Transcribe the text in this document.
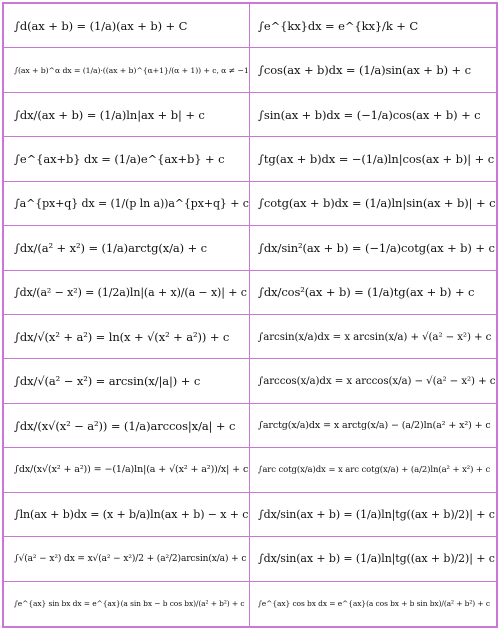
∫d(ax + b) = (1/a)(ax + b) + C	∫e^{kx}dx = e^{kx}/k + C
∫(ax + b)^α dx = (1/a)·((ax + b)^{α+1}/(α + 1)) + c, α ≠ −1 ∫cos(ax + b)dx = (1/a)sin(ax + b) + c
∫dx/(ax + b) = (1/a)ln|ax + b| + c	∫sin(ax + b)dx = (−1/a)cos(ax + b) + c
∫e^{ax+b} dx = (1/a)e^{ax+b} + c	∫tg(ax + b)dx = −(1/a)ln|cos(ax + b)| + c
∫a^{px+q} dx = (1/(p ln a))a^{px+q} + c ∫cotg(ax + b)dx = (1/a)ln|sin(ax + b)| + c
∫dx/(a² + x²) = (1/a)arctg(x/a) + c	∫dx/sin²(ax + b) = (−1/a)cotg(ax + b) + c
∫dx/(a² − x²) = (1/2a)ln|(a + x)/(a − x)| + c ∫dx/cos²(ax + b) = (1/a)tg(ax + b) + c
∫dx/√(x² + a²) = ln(x + √(x² + a²)) + c	∫arcsin(x/a)dx = x arcsin(x/a) + √(a² − x²) + c
∫dx/√(a² − x²) = arcsin(x/|a|) + c	∫arccos(x/a)dx = x arccos(x/a) − √(a² − x²) + c
∫dx/(x√(x² − a²)) = (1/a)arccos|x/a| + c	∫arctg(x/a)dx = x arctg(x/a) − (a/2)ln(a² + x²) + c
∫dx/(x√(x² + a²)) = −(1/a)ln|(a + √(x² + a²))/x| + c	∫arc cotg(x/a)dx = x arc cotg(x/a) + (a/2)ln(a² + x²) + c
∫ln(ax + b)dx = (x + b/a)ln(ax + b) − x + c ∫dx/sin(ax + b) = (1/a)ln|tg((ax + b)/2)| + c
∫√(a² − x²) dx = x√(a² − x²)/2 + (a²/2)arcsin(x/a) + c	∫dx/sin(ax + b) = (1/a)ln|tg((ax + b)/2)| + c
∫e^{ax} sin bx dx = e^{ax}(a sin bx − b cos bx)/(a² + b²) + c	∫e^{ax} cos bx dx = e^{ax}(a cos bx + b sin bx)/(a² + b²) + c
